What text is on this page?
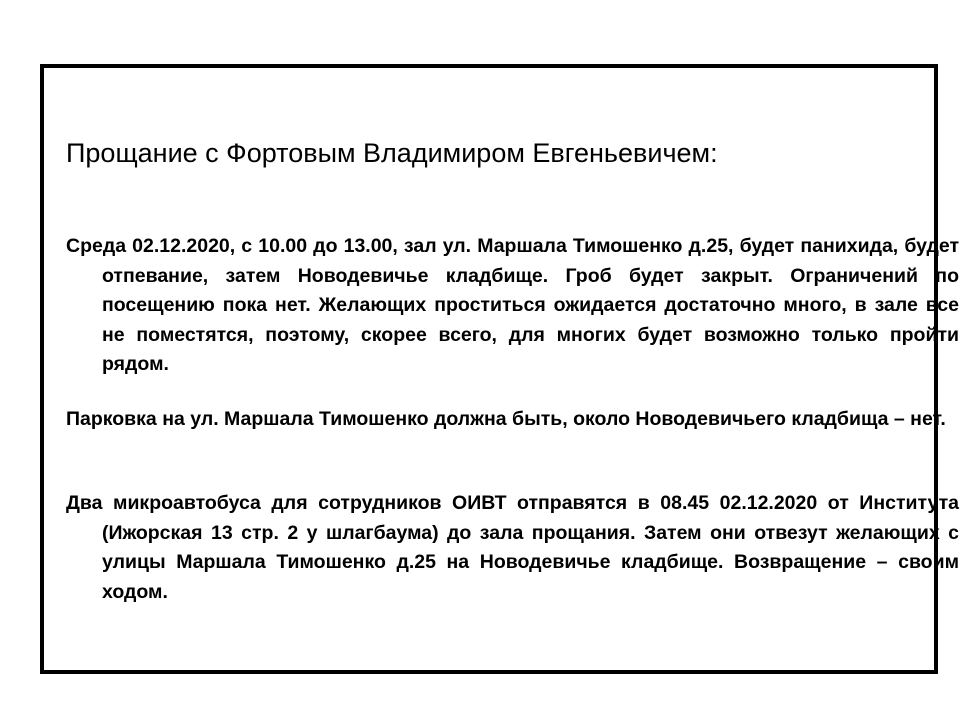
Прощание с Фортовым Владимиром Евгеньевичем:

Среда 02.12.2020, с 10.00 до 13.00, зал ул. Маршала Тимошенко д.25, будет панихида, будет отпевание, затем Новодевичье кладбище. Гроб будет закрыт. Ограничений по посещению пока нет. Желающих проститься ожидается достаточно много, в зале все не поместятся, поэтому, скорее всего, для многих будет возможно только пройти рядом.

Парковка на ул. Маршала Тимошенко должна быть, около Новодевичьего кладбища – нет.

Два микроавтобуса для сотрудников ОИВТ отправятся в 08.45 02.12.2020 от Института (Ижорская 13 стр. 2 у шлагбаума) до зала прощания. Затем они отвезут желающих с улицы Маршала Тимошенко д.25 на Новодевичье кладбище. Возвращение – своим ходом.
